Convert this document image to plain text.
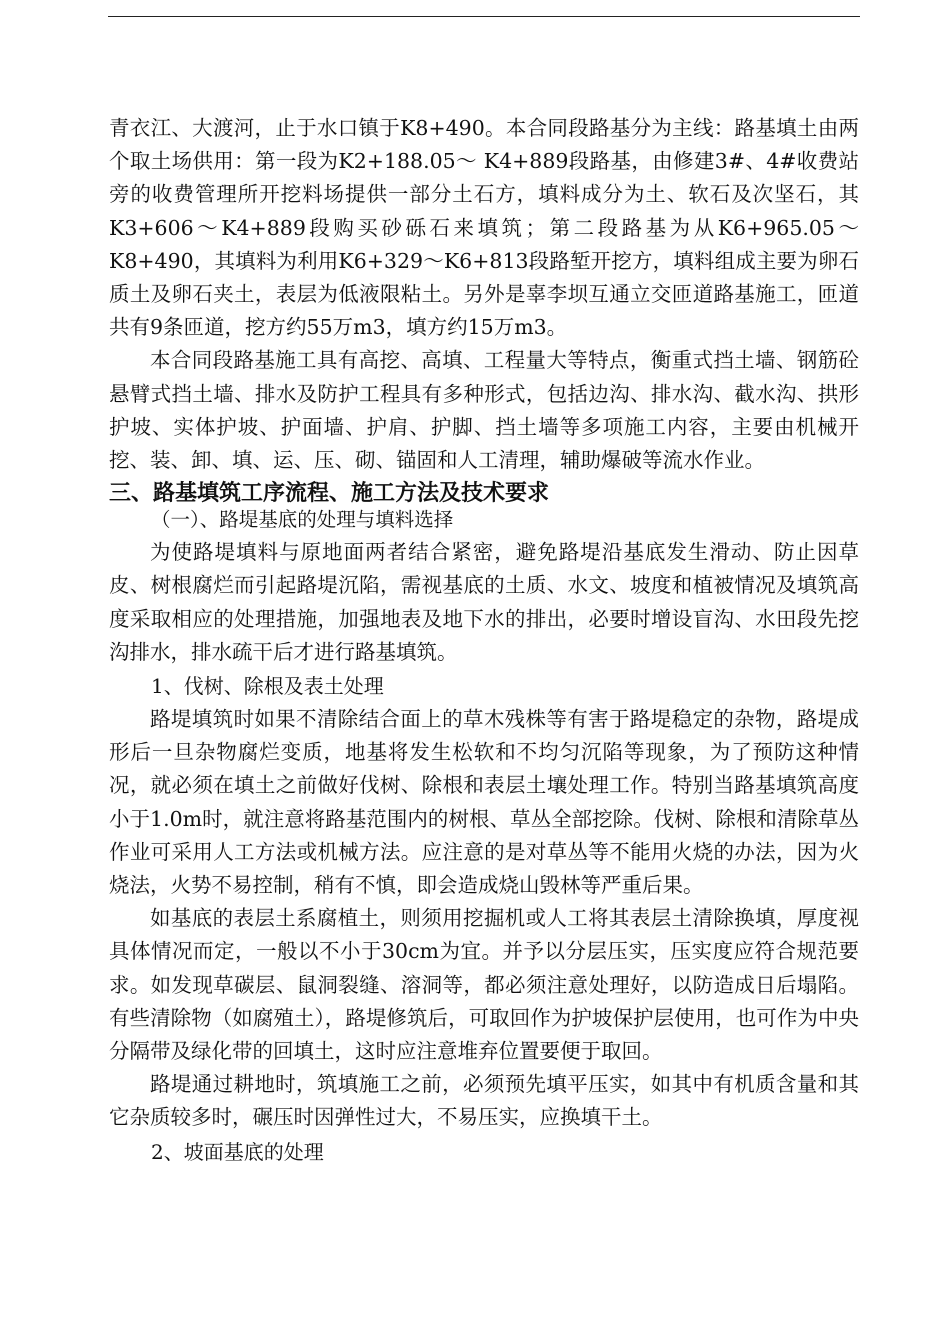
青衣江、大渡河，止于水口镇于K8+490。本合同段路基分为主线：路基填土由两个取土场供用：第一段为K2+188.05～ K4+889段路基，由修建3#、4#收费站旁的收费管理所开挖料场提供一部分土石方，填料成分为土、软石及次坚石，其K3+606～K4+889段购买砂砾石来填筑；第二段路基为从K6+965.05～K8+490，其填料为利用K6+329～K6+813段路堑开挖方，填料组成主要为卵石质土及卵石夹土，表层为低液限粘土。另外是辜李坝互通立交匝道路基施工，匝道共有9条匝道，挖方约55万m3，填方约15万m3。

本合同段路基施工具有高挖、高填、工程量大等特点，衡重式挡土墙、钢筋砼悬臂式挡土墙、排水及防护工程具有多种形式，包括边沟、排水沟、截水沟、拱形护坡、实体护坡、护面墙、护肩、护脚、挡土墙等多项施工内容，主要由机械开挖、装、卸、填、运、压、砌、锚固和人工清理，辅助爆破等流水作业。

三、路基填筑工序流程、施工方法及技术要求
（一）、路堤基底的处理与填料选择

为使路堤填料与原地面两者结合紧密，避免路堤沿基底发生滑动、防止因草皮、树根腐烂而引起路堤沉陷，需视基底的土质、水文、坡度和植被情况及填筑高度采取相应的处理措施，加强地表及地下水的排出，必要时增设盲沟、水田段先挖沟排水，排水疏干后才进行路基填筑。

1、伐树、除根及表土处理

路堤填筑时如果不清除结合面上的草木残株等有害于路堤稳定的杂物，路堤成形后一旦杂物腐烂变质，地基将发生松软和不均匀沉陷等现象，为了预防这种情况，就必须在填土之前做好伐树、除根和表层土壤处理工作。特别当路基填筑高度小于1.0m时，就注意将路基范围内的树根、草丛全部挖除。伐树、除根和清除草丛作业可采用人工方法或机械方法。应注意的是对草丛等不能用火烧的办法，因为火烧法，火势不易控制，稍有不慎，即会造成烧山毁林等严重后果。

如基底的表层土系腐植土，则须用挖掘机或人工将其表层土清除换填，厚度视具体情况而定，一般以不小于30cm为宜。并予以分层压实，压实度应符合规范要求。如发现草碳层、鼠洞裂缝、溶洞等，都必须注意处理好，以防造成日后塌陷。有些清除物（如腐殖土），路堤修筑后，可取回作为护坡保护层使用，也可作为中央分隔带及绿化带的回填土，这时应注意堆弃位置要便于取回。

路堤通过耕地时，筑填施工之前，必须预先填平压实，如其中有机质含量和其它杂质较多时，碾压时因弹性过大，不易压实，应换填干土。

2、坡面基底的处理
